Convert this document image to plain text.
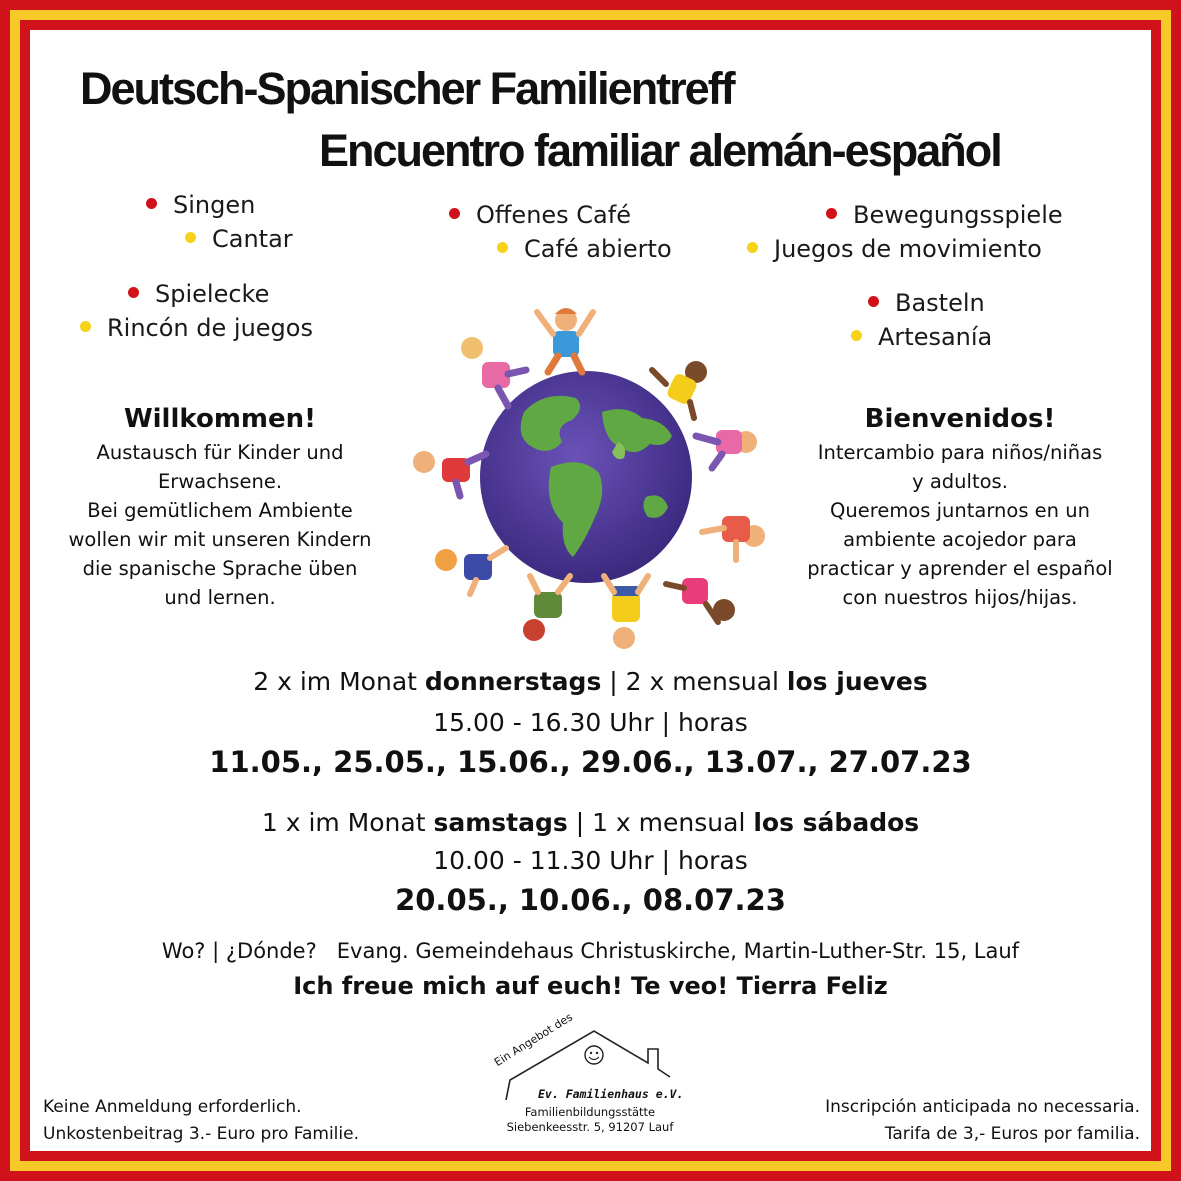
Deutsch-Spanischer Familientreff
Encuentro familiar alemán-español
Singen
Cantar
Offenes Café
Café abierto
Bewegungsspiele
Juegos de movimiento
Spielecke
Rincón de juegos
Basteln
Artesanía
Willkommen!
Austausch für Kinder und
Erwachsene.
Bei gemütlichem Ambiente
wollen wir mit unseren Kindern
die spanische Sprache üben
und lernen.
Bienvenidos!
Intercambio para niños/niñas
y adultos.
Queremos juntarnos en un
ambiente acojedor para
practicar y aprender el español
con nuestros hijos/hijas.
2 x im Monat donnerstags | 2 x mensual los jueves
15.00 - 16.30 Uhr | horas
11.05., 25.05., 15.06., 29.06., 13.07., 27.07.23
1 x im Monat samstags | 1 x mensual los sábados
10.00 - 11.30 Uhr | horas
20.05., 10.06., 08.07.23
Wo? | ¿Dónde? Evang. Gemeindehaus Christuskirche, Martin-Luther-Str. 15, Lauf
Ich freue mich auf euch! Te veo! Tierra Feliz
Keine Anmeldung erforderlich.
Unkostenbeitrag 3.- Euro pro Familie.
Inscripción anticipada no necessaria.
Tarifa de 3,- Euros por familia.
Ein Angebot des
Ev. Familienhaus e.V.
Familienbildungsstätte
Siebenkeesstr. 5, 91207 Lauf
